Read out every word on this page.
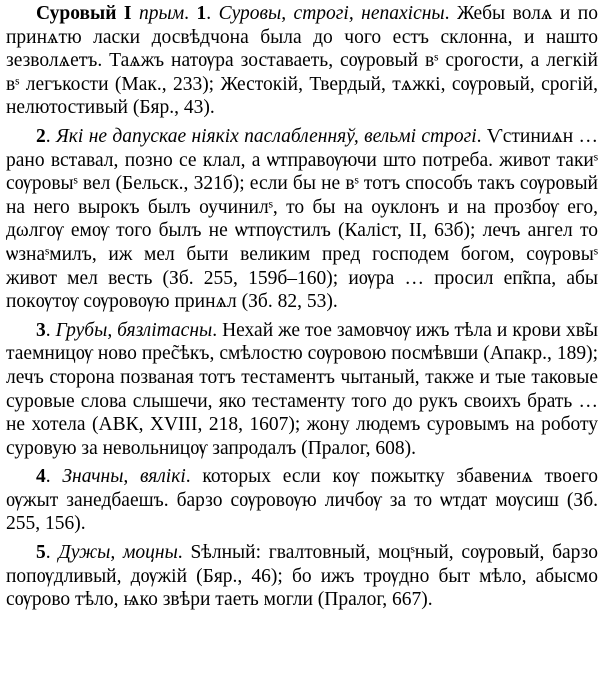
Суровый I прым. 1. Суровы, строгі, непахісны. Жебы волѧ и по принѧтю ласки досвѣдчона была до чого естъ склонна, и нашто зезволѧетъ. Таѧжъ натѹра зоставаеть, сѹровый вˢ срогости, а легкій вˢ легъкости (Мак., 233); Жестокій, Твердый, тѧжкі, сѹровый, срогій, нелютостивый (Бяр., 43).

2. Які не дапускае ніякіх паслабленняў, вельмі строгі. Ѵстиниѧн … рано вставал, позно се клал, а ѡтправѹючи што потреба. живот такиˢ сѹровыˢ вел (Бельск., 321б); если бы не вˢ тотъ способъ такъ сѹровый на него вырокъ былъ оучинилˢ, то бы на оуклонъ и на прозбѹ его, дωлгѹ емѹ того былъ не ѡтпѹстилъ (Каліст, II, 63б); лечъ ангел то ѡзнаˢмилъ, иж мел быти великим пред господем богом, сѹровыˢ живот мел весть (Зб. 255, 159б–160); иѹра … просил еп̃кпа, абы покѹтѹ сѹровѹю принѧл (Зб. 82, 53).

3. Грубы, бязлітасны. Нехай же тое замовчѹ ижъ тѣла и крови хв̃ы таемницѹ ново преc̃ѣкъ, смѣлостю сѹровою посмѣвши (Апакр., 189); лечъ сторона позваная тотъ тестаментъ чытаный, также и тые таковые суровые слова слышечи, яко тестаменту того до рукъ своихъ брать … не хотела (АВК, XVIII, 218, 1607); жону людемъ суровымъ на роботу суровую за невольницѹ запродалъ (Пралог, 608).

4. Значны, вялікі. которых если кѹ пожытку збавениѧ твоего ѹжыт занедбаешъ. барзо сѹровѹю личбѹ за то ѡтдат мѹсиш (Зб. 255, 156).

5. Дужы, моцны. Ѕѣлный: гвалтовный, моцˢный, сѹровый, барзо попѹдливый, дѹжій (Бяр., 46); бо ижъ трѹдно быт мѣло, абысмо сѹрово тѣло, ѩко звѣри таеть могли (Пралог, 667).
